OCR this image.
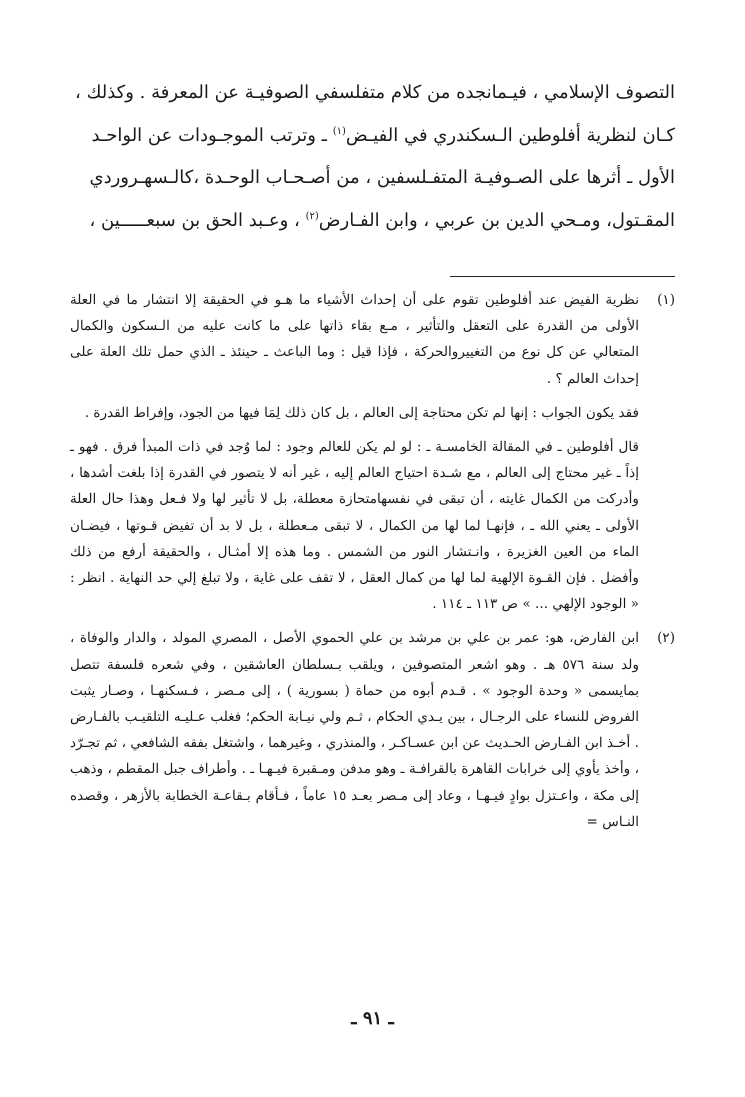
التصوف الإسلامي ، فيـمانجده من كلام متفلسفي الصوفيـة عن المعرفة . وكذلك ،

كـان لنظرية أفلوطين الـسكندري في الفيـض$^{(١)}$ ـ وترتب الموجـودات عن الواحـد

الأول ـ أثرها على الصـوفيـة المتفـلسفين ، من أصـحـاب الوحـدة ،كالـسهـروردي

المقـتول، ومـحي الدين بن عربي ، وابن الفـارض$^{(٢)}$ ، وعـبد الحق بن سبعـــــين ،

(١)

نظرية الفيض عند أفلوطين تقوم على أن إحداث الأشياء ما هـو في الحقيقة إلا انتشار ما في العلة الأولى من القدرة على التعقل والتأثير ، مـع بقاء ذاتها على ما كانت عليه من الـسكون والكمال المتعالي عن كل نوع من التغييروالحركة ، فإذا قيل : وما الباعث ـ حينئذ ـ الذي حمل تلك العلة على إحداث العالم ؟ .

فقد يكون الجواب : إنها لم تكن محتاجة إلى العالم ، بل كان ذلك لِمَا فيها من الجود، وإفراط القدرة .

قال أفلوطين ـ في المقالة الخامسـة ـ : لو لم يكن للعالم وجود : لما وُجد في ذات المبدأ فرق . فهو ـ إذاً ـ غير محتاج إلى العالم ، مع شـدة احتياج العالم إليه ، غير أنه لا يتصور في القدرة إذا بلغت أشدها ، وأدركت من الكمال غايته ، أن تبقى في نفسهامتحازة معطلة، بل لا تأثير لها ولا فـعل وهذا حال العلة الأولى ـ يعني الله ـ ، فإنهـا لما لها من الكمال ، لا تبقى مـعطلة ، بل لا بد أن تفيض قـوتها ، فيضـان الماء من العين الغزيرة ، وانـتشار النور من الشمس . وما هذه إلا أمثـال ، والحقيقة أرفع من ذلك وأفضل . فإن القـوة الإلهية لما لها من كمال العقل ، لا تقف على غاية ، ولا تبلغ إلي حد النهاية . انظر : « الوجود الإلهي ... » ص ١١٣ ـ ١١٤ .

(٢)

ابن الفارض، هو: عمر بن علي بن مرشد بن علي الحموي الأصل ، المصري المولد ، والدار والوفاة ، ولد سنة ٥٧٦ هـ . وهو اشعر المتصوفين ، ويلقب بـسلطان العاشقين ، وفي شعره فلسفة تتصل بمايسمى « وحدة الوجود » . قـدم أبوه من حماة ( بسورية ) ، إلى مـصر ، فـسكنهـا ، وصـار يثبت الفروض للنساء على الرجـال ، بين يـدي الحكام ، ثـم ولي نيـابة الحكم؛ فغلب عـليـه التلقيـب بالفـارض . أخـذ ابن الفـارض الحـديث عن ابن عسـاكـر ، والمنذري ، وغيرهما ، واشتغل بفقه الشافعي ، ثم تجـرّد ، وأخذ يأوي إلى خرابات القاهرة بالقرافـة ـ وهو مدفن ومـقبرة فيـهـا ـ . وأطراف جبل المقطم ، وذهب إلى مكة ، واعـتزل بوادٍ فيـهـا ، وعاد إلى مـصر بعـد ١٥ عاماً ، فـأقام بـقاعـة الخطابة بالأزهر ، وقصده النـاس =

ـ ٩١ ـ
